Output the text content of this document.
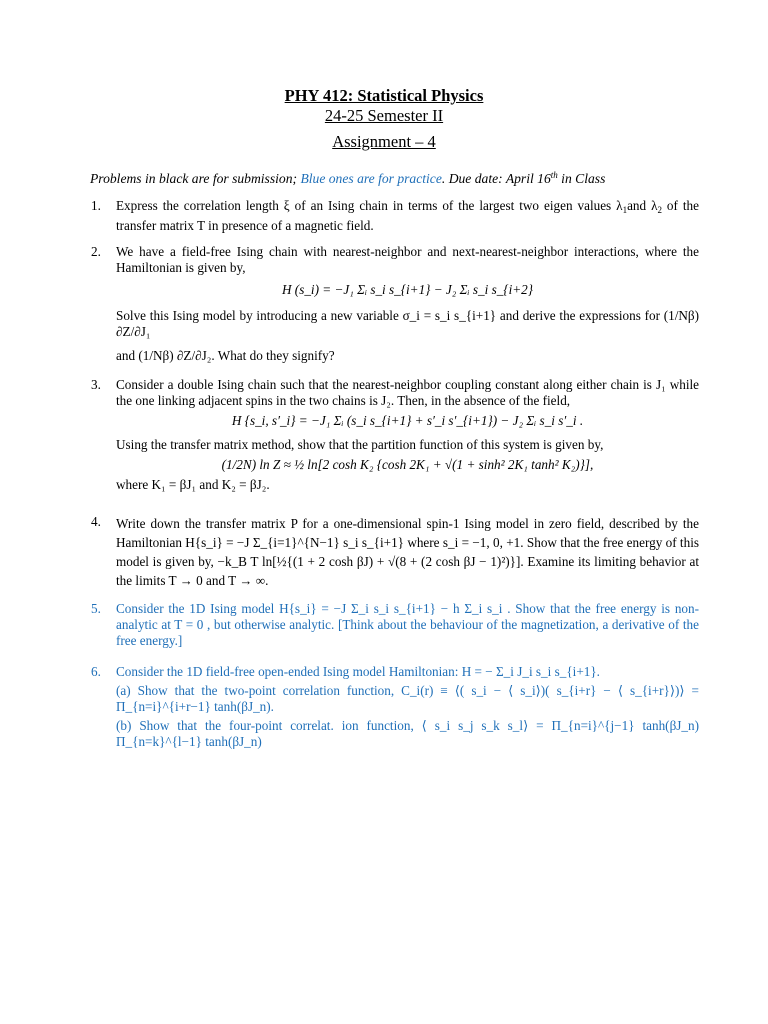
PHY 412: Statistical Physics
24-25 Semester II
Assignment – 4
Problems in black are for submission; Blue ones are for practice. Due date: April 16th in Class
1.	Express the correlation length ξ of an Ising chain in terms of the largest two eigen values $\lambda_1and$ $\lambda_2$ of the transfer matrix T in presence of a magnetic field.

2.	We have a field-free Ising chain with nearest-neighbor and next-nearest-neighbor interactions, where the Hamiltonian is given by,

H (s_i) = −J₁ Σᵢ s_i s_{i+1} − J₂ Σᵢ s_i s_{i+2}

Solve this Ising model by introducing a new variable σ_i = s_i s_{i+1} and derive the expressions for (1/Nβ) ∂Z/∂J₁

and (1/Nβ) ∂Z/∂J₂. What do they signify?

3.	Consider a double Ising chain such that the nearest-neighbor coupling constant along either chain is J₁ while the one linking adjacent spins in the two chains is J₂. Then, in the absence of the field,

H {s_i, s′_i} = −J₁ Σᵢ (s_i s_{i+1} + s′_i s′_{i+1}) − J₂ Σᵢ s_i s′_i .

Using the transfer matrix method, show that the partition function of this system is given by,

(1/2N) ln Z ≈ ½ ln[2 cosh K₂ {cosh 2K₁ + √(1 + sinh² 2K₁ tanh² K₂)}],

where K₁ = βJ₁ and K₂ = βJ₂.

4.	Write down the transfer matrix P for a one-dimensional spin-1 Ising model in zero field, described by the Hamiltonian H{s_i} = −J Σ_{i=1}^{N−1} s_i s_{i+1} where s_i = −1, 0, +1. Show that the free energy of this model is given by, −k_B T ln[½{(1 + 2 cosh βJ) + √(8 + (2 cosh βJ − 1)²)}]. Examine its limiting behavior at the limits T → 0 and T → ∞.

5.	Consider the 1D Ising model H{s_i} = −J Σ_i s_i s_{i+1} − h Σ_i s_i . Show that the free energy is non-analytic at T = 0 , but otherwise analytic. [Think about the behaviour of the magnetization, a derivative of the free energy.]

6.	Consider the 1D field-free open-ended Ising model Hamiltonian: H = − Σ_i J_i s_i s_{i+1}.

(a) Show that the two-point correlation function, C_i(r) ≡ ⟨( s_i − ⟨ s_i⟩)( s_{i+r} − ⟨ s_{i+r}⟩)⟩ = Π_{n=i}^{i+r−1} tanh(βJ_n).

(b) Show that the four-point correlat. ion function, ⟨ s_i s_j s_k s_l⟩ = Π_{n=i}^{j−1} tanh(βJ_n) Π_{n=k}^{l−1} tanh(βJ_n)
